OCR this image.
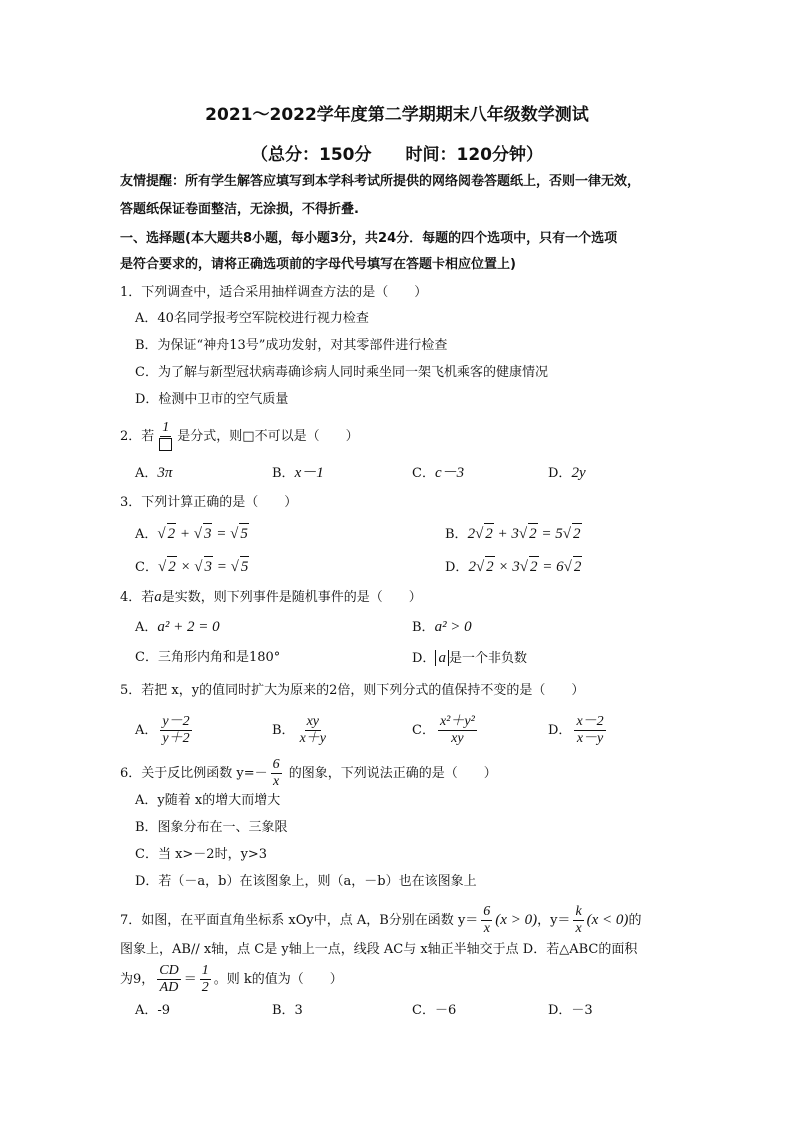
2021～2022学年度第二学期期末八年级数学测试
（总分：150分　　时间：120分钟）
友情提醒：所有学生解答应填写到本学科考试所提供的网络阅卷答题纸上，否则一律无效，
答题纸保证卷面整洁，无涂损，不得折叠.
一、选择题(本大题共8小题，每小题3分，共24分．每题的四个选项中，只有一个选项
是符合要求的，请将正确选项前的字母代号填写在答题卡相应位置上)
1．下列调查中，适合采用抽样调查方法的是（　　）
A．40名同学报考空军院校进行视力检查
B．为保证“神舟13号”成功发射，对其零部件进行检查
C．为了解与新型冠状病毒确诊病人同时乘坐同一架飞机乘客的健康情况
D．检测中卫市的空气质量
2．若
1
是分式，则□不可以是（　　）
A．3π	B．x－1	C．c－3	D．2y
3．下列计算正确的是（　　）
A．√ 2 + √ 3 = √ 5	B．2√ 2 + 3√ 2 = 5√ 2
C．√ 2 × √ 3 = √ 5	D．2√ 2 × 3√ 2 = 6√ 2
4．若a是实数，则下列事件是随机事件的是（　　）
A．a² + 2 = 0	B．a² > 0
C．三角形内角和是180°	D． a 是一个非负数
5．若把 x，y的值同时扩大为原来的2倍，则下列分式的值保持不变的是（　　）
A． $\frac{y-2}{y+2}$	B． $\frac{xy}{x+y}$	C． $\frac{\text{x²＋y²}}{xy}$	D． $\frac{x-2}{x-y}$
6．关于反比例函数 $y=- \frac{6}{x}$ 的图象，下列说法正确的是（　　）
A．y随着 x的增大而增大
B．图象分布在一、三象限
C．当 x>－2时，y>3
D．若（－a，b）在该图象上，则（a，－b）也在该图象上
7．如图，在平面直角坐标系 xOy中，点 A，B分别在函数 $y= \frac{6}{x} (x > 0)$，$y= \frac{k}{x} (x < 0)$的
图象上，AB// x轴，点 C是 y轴上一点，线段 AC与 x轴正半轴交于点 D．若△ABC的面积
为9， $\frac{CD}{AD} = \frac{1}{2}$ 。则 k的值为（　　）
A．-9	B．3	C．－6	D．－3
